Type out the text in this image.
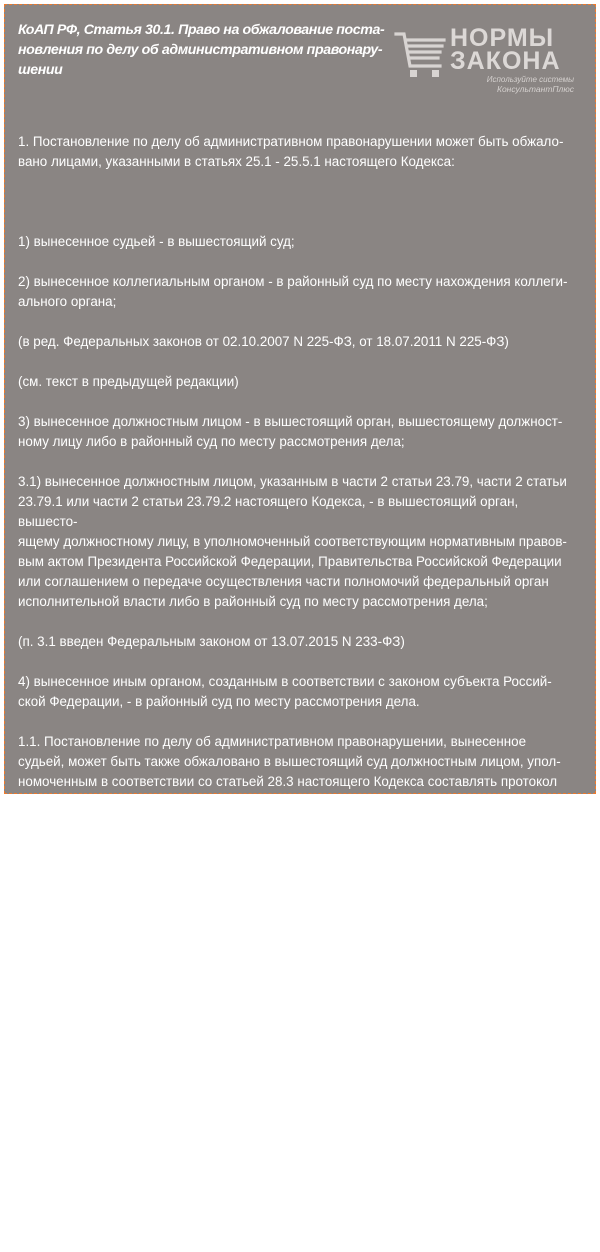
КоАП РФ, Статья 30.1. Право на обжалование поста-
новления по делу об административном правонару-
шении
НОРМЫ
ЗАКОНА
Используйте системы
КонсультантПлюс

1. Постановление по делу об административном правонарушении может быть обжало-
вано лицами, указанными в статьях 25.1 - 25.5.1 настоящего Кодекса:

1) вынесенное судьей - в вышестоящий суд;

2) вынесенное коллегиальным органом - в районный суд по месту нахождения коллеги-
ального органа;

(в ред. Федеральных законов от 02.10.2007 N 225-ФЗ, от 18.07.2011 N 225-ФЗ)

(см. текст в предыдущей редакции)

3) вынесенное должностным лицом - в вышестоящий орган, вышестоящему должност-
ному лицу либо в районный суд по месту рассмотрения дела;

3.1) вынесенное должностным лицом, указанным в части 2 статьи 23.79, части 2 статьи
23.79.1 или части 2 статьи 23.79.2 настоящего Кодекса, - в вышестоящий орган, вышесто-
ящему должностному лицу, в уполномоченный соответствующим нормативным правов-
вым актом Президента Российской Федерации, Правительства Российской Федерации
или соглашением о передаче осуществления части полномочий федеральный орган
исполнительной власти либо в районный суд по месту рассмотрения дела;

(п. 3.1 введен Федеральным законом от 13.07.2015 N 233-ФЗ)

4) вынесенное иным органом, созданным в соответствии с законом субъекта Россий-
ской Федерации, - в районный суд по месту рассмотрения дела.

1.1. Постановление по делу об административном правонарушении, вынесенное
судьей, может быть также обжаловано в вышестоящий суд должностным лицом, упол-
номоченным в соответствии со статьей 28.3 настоящего Кодекса составлять протокол
об административном правонарушении.

2. В случае, если жалоба на постановление по делу об административном правонаруше-
нии поступила в суд и в вышестоящий орган, вышестоящему должностному лицу,
жалобу рассматривает суд.

По результатам рассмотрения жалобы выносится решение.

3. Постановление по делу об административном правонарушении, связанном с осу-
ществлением предпринимательской или иной экономической деятельности юридиче-
ским лицом или лицом, осуществляющим предпринимательскую деятельность без об-
разования юридического лица, обжалуется в арбитражный суд в соответствии с арби-
тражным процессуальным законодательством.

4. Определение об отказе в возбуждении дела об административном правонарушении
обжалуется в соответствии с правилами, установленными настоящей главой.
